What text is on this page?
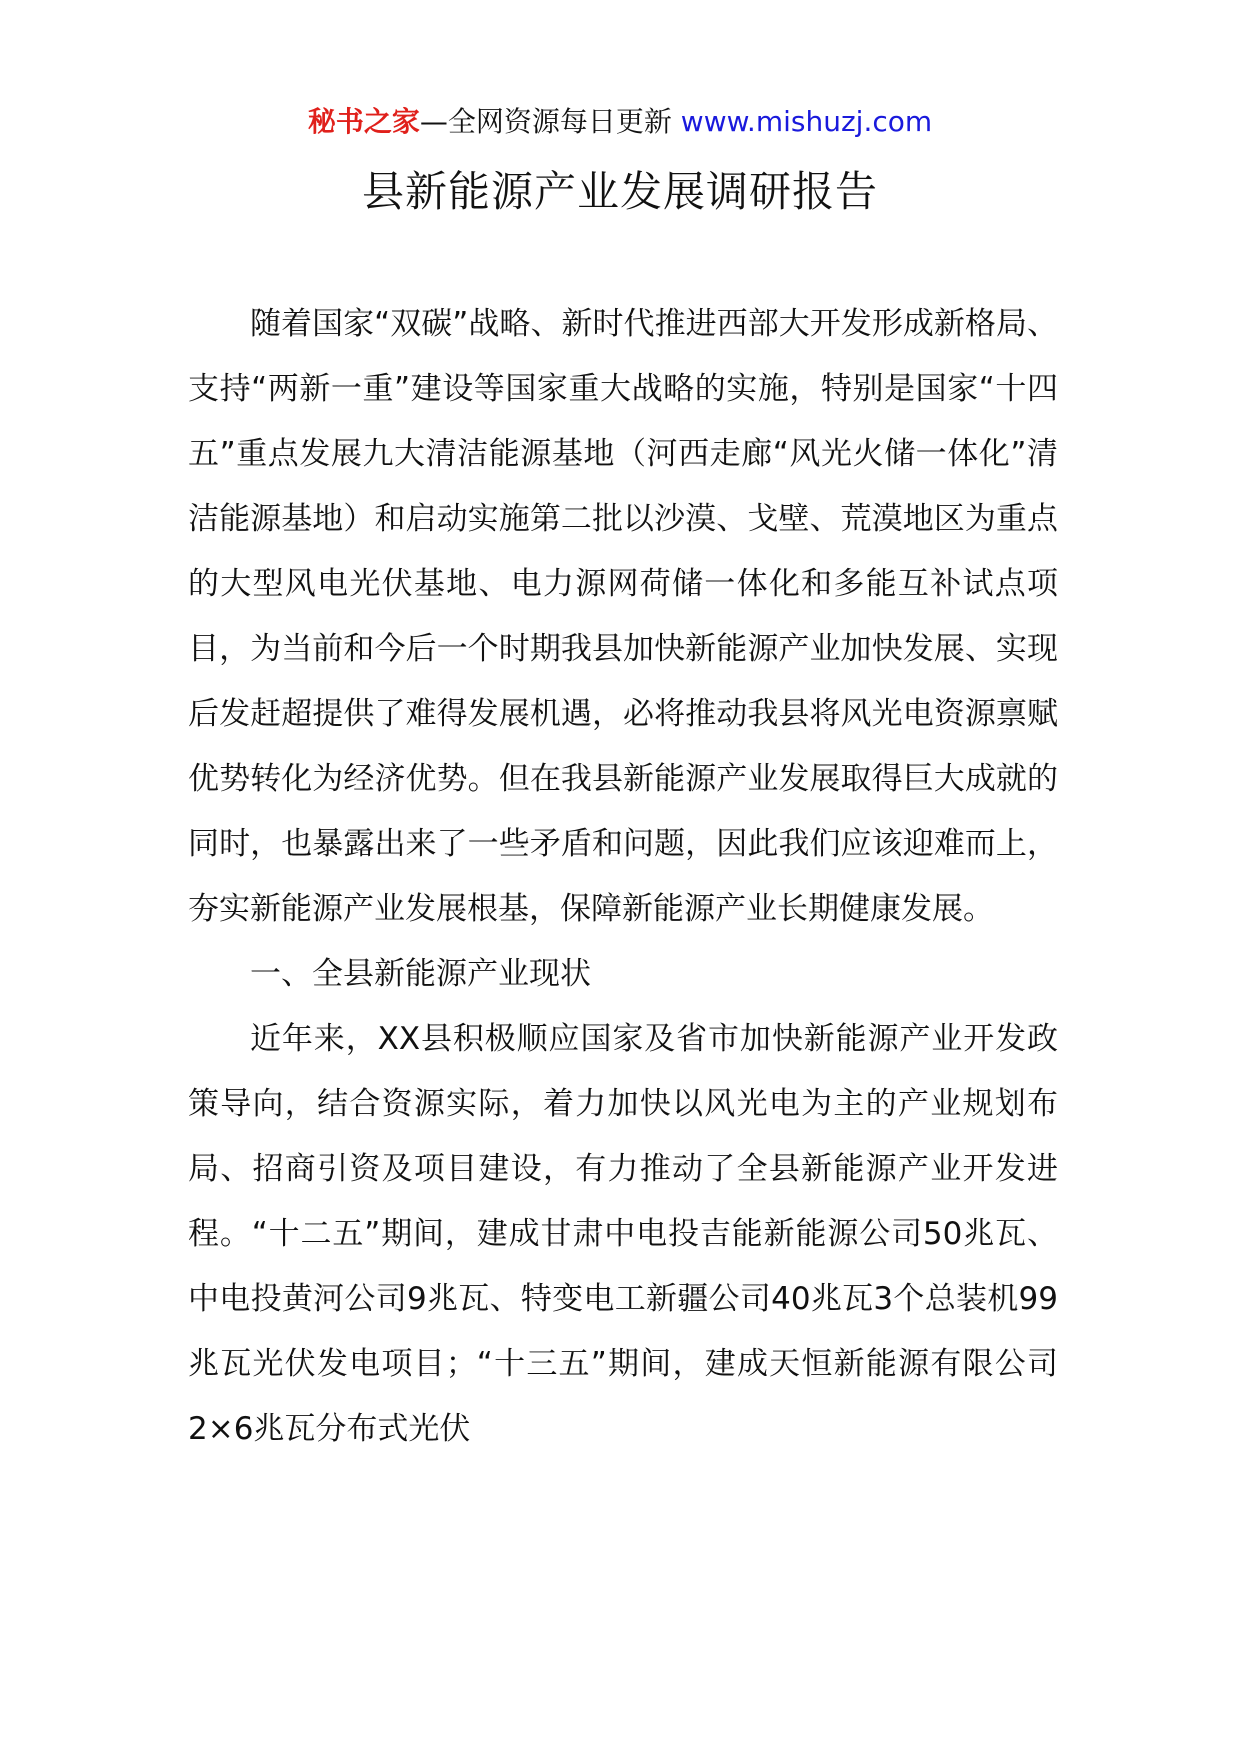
秘书之家—全网资源每日更新 www.mishuzj.com
县新能源产业发展调研报告

随着国家“双碳”战略、新时代推进西部大开发形成新格局、支持“两新一重”建设等国家重大战略的实施，特别是国家“十四五”重点发展九大清洁能源基地（河西走廊“风光火储一体化”清洁能源基地）和启动实施第二批以沙漠、戈壁、荒漠地区为重点的大型风电光伏基地、电力源网荷储一体化和多能互补试点项目，为当前和今后一个时期我县加快新能源产业加快发展、实现后发赶超提供了难得发展机遇，必将推动我县将风光电资源禀赋优势转化为经济优势。但在我县新能源产业发展取得巨大成就的同时，也暴露出来了一些矛盾和问题，因此我们应该迎难而上，夯实新能源产业发展根基，保障新能源产业长期健康发展。

一、全县新能源产业现状

近年来，XX县积极顺应国家及省市加快新能源产业开发政策导向，结合资源实际，着力加快以风光电为主的产业规划布局、招商引资及项目建设，有力推动了全县新能源产业开发进程。“十二五”期间，建成甘肃中电投吉能新能源公司50兆瓦、中电投黄河公司9兆瓦、特变电工新疆公司40兆瓦3个总装机99兆瓦光伏发电项目；“十三五”期间，建成天恒新能源有限公司2×6兆瓦分布式光伏
